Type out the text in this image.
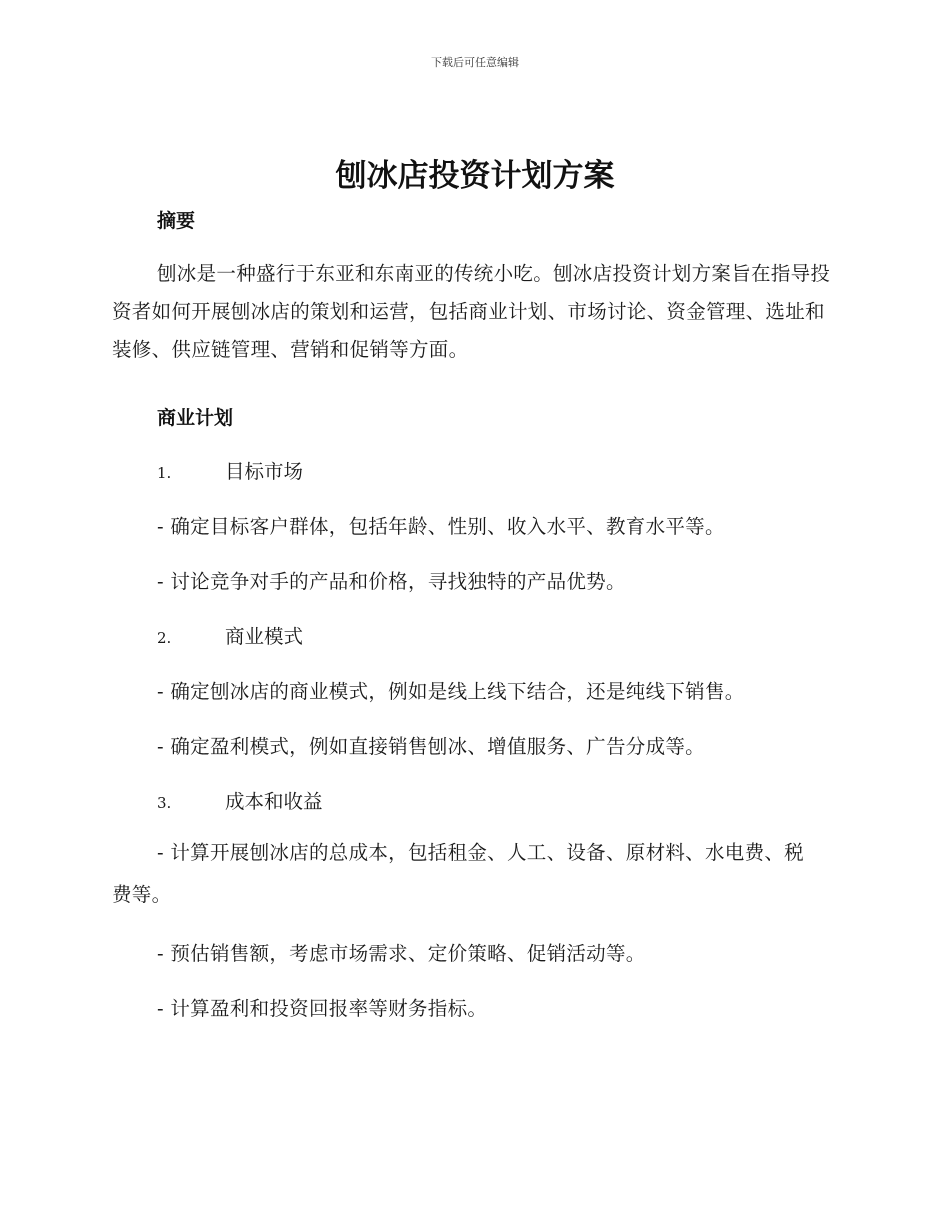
下载后可任意编辑
刨冰店投资计划方案
摘要
刨冰是一种盛行于东亚和东南亚的传统小吃。刨冰店投资计划方案旨在指导投资者如何开展刨冰店的策划和运营，包括商业计划、市场讨论、资金管理、选址和装修、供应链管理、营销和促销等方面。
商业计划
1.	目标市场
- 确定目标客户群体，包括年龄、性别、收入水平、教育水平等。
- 讨论竞争对手的产品和价格，寻找独特的产品优势。
2.	商业模式
- 确定刨冰店的商业模式，例如是线上线下结合，还是纯线下销售。
- 确定盈利模式，例如直接销售刨冰、增值服务、广告分成等。
3.	成本和收益
- 计算开展刨冰店的总成本，包括租金、人工、设备、原材料、水电费、税费等。
- 预估销售额，考虑市场需求、定价策略、促销活动等。
- 计算盈利和投资回报率等财务指标。
